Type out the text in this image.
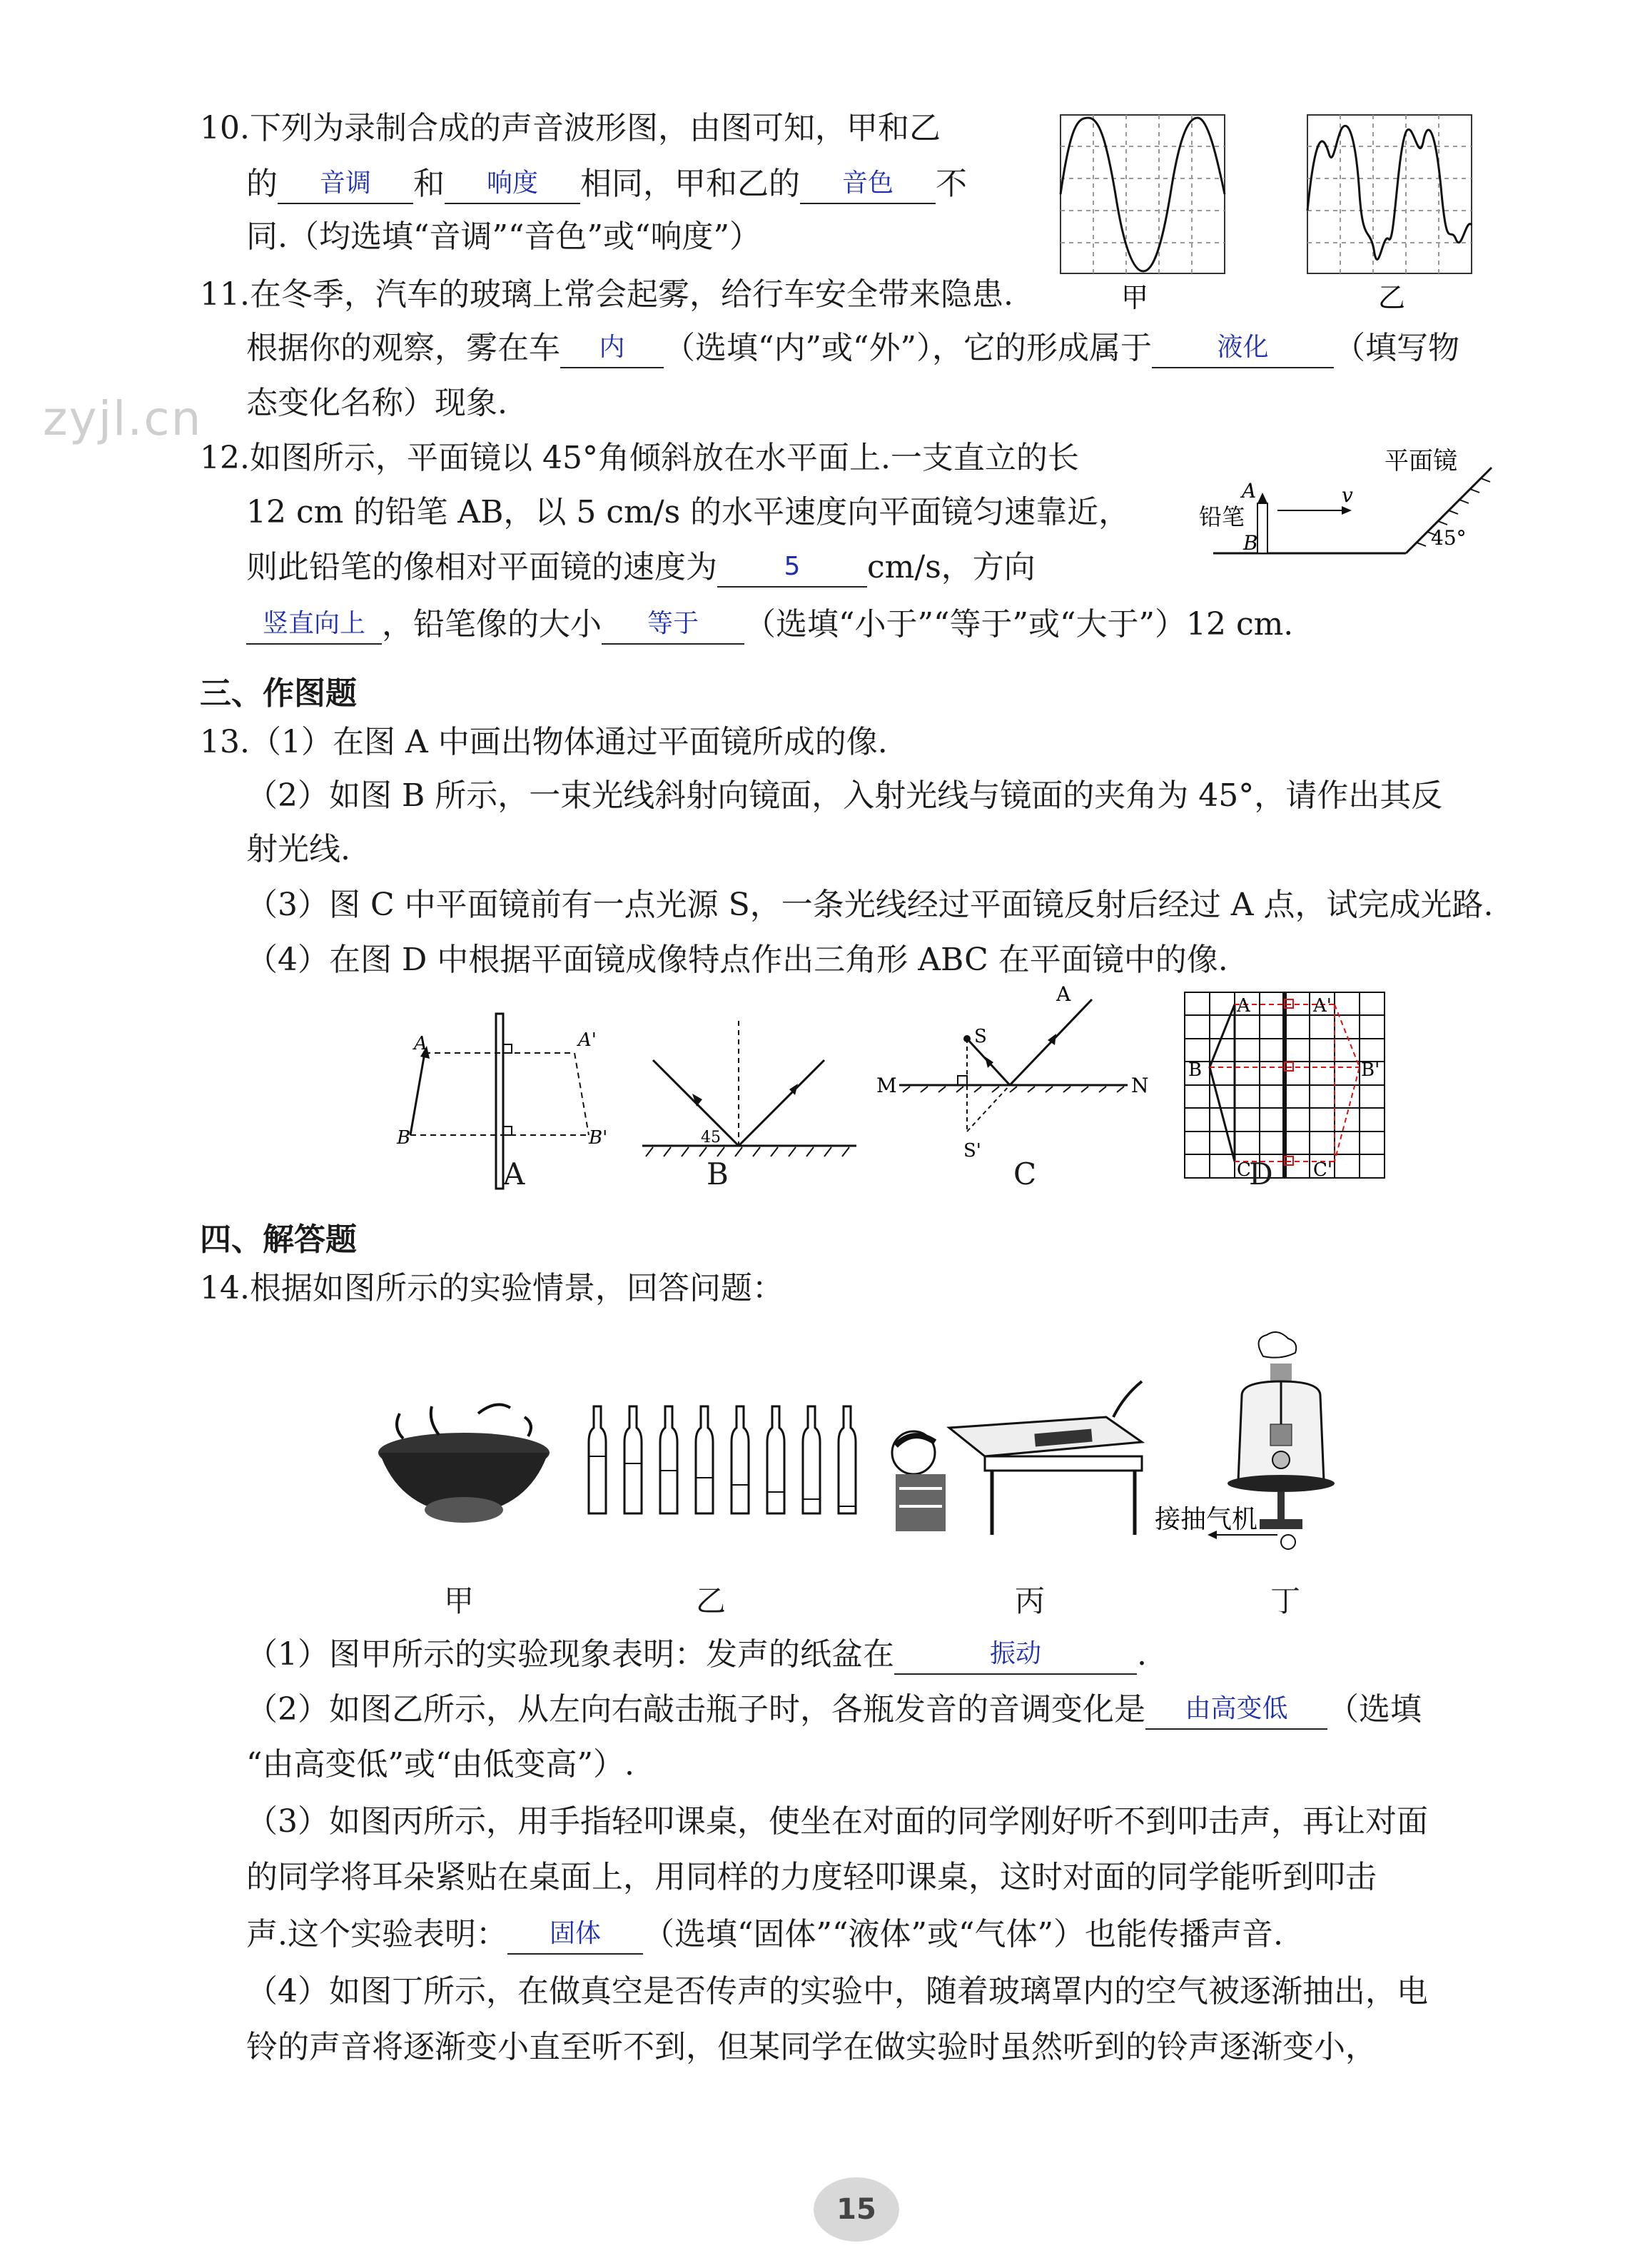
zyjl.cn
10.下列为录制合成的声音波形图，由图可知，甲和乙
的 音调 和 响度 相同，甲和乙的 音色 不
同.（均选填“音调”“音色”或“响度”）
甲	乙
11.在冬季，汽车的玻璃上常会起雾，给行车安全带来隐患.
根据你的观察，雾在车 内 （选填“内”或“外”），它的形成属于	液化 （填写物
态变化名称）现象.
12.如图所示，平面镜以 45°角倾斜放在水平面上.一支直立的长
12 cm 的铅笔 AB，以 5 cm/s 的水平速度向平面镜匀速靠近，
则此铅笔的像相对平面镜的速度为	5 cm/s，方向
竖直向上 ，铅笔像的大小 等于 （选填“小于”“等于”或“大于”）12 cm.
平面镜
v
A
B
铅笔
45°
三、作图题
13.（1）在图 A 中画出物体通过平面镜所成的像.
（2）如图 B 所示，一束光线斜射向镜面，入射光线与镜面的夹角为 45°，请作出其反
射光线.
（3）图 C 中平面镜前有一点光源 S，一条光线经过平面镜反射后经过 A 点，试完成光路.
（4）在图 D 中根据平面镜成像特点作出三角形 ABC 在平面镜中的像.
A	A'
B	B'	45
M	N
S
S'
A	A	A'
B	B'
C	C'
A	B	C	D
四、解答题
14.根据如图所示的实验情景，回答问题：
接抽气机
甲	乙	丙	丁
（1）图甲所示的实验现象表明：发声的纸盆在	振动	.
（2）如图乙所示，从左向右敲击瓶子时，各瓶发音的音调变化是 由高变低 （选填
“由高变低”或“由低变高”）.
（3）如图丙所示，用手指轻叩课桌，使坐在对面的同学刚好听不到叩击声，再让对面
的同学将耳朵紧贴在桌面上，用同样的力度轻叩课桌，这时对面的同学能听到叩击
声.这个实验表明： 固体 （选填“固体”“液体”或“气体”）也能传播声音.
（4）如图丁所示，在做真空是否传声的实验中，随着玻璃罩内的空气被逐渐抽出，电
铃的声音将逐渐变小直至听不到，但某同学在做实验时虽然听到的铃声逐渐变小，
15
